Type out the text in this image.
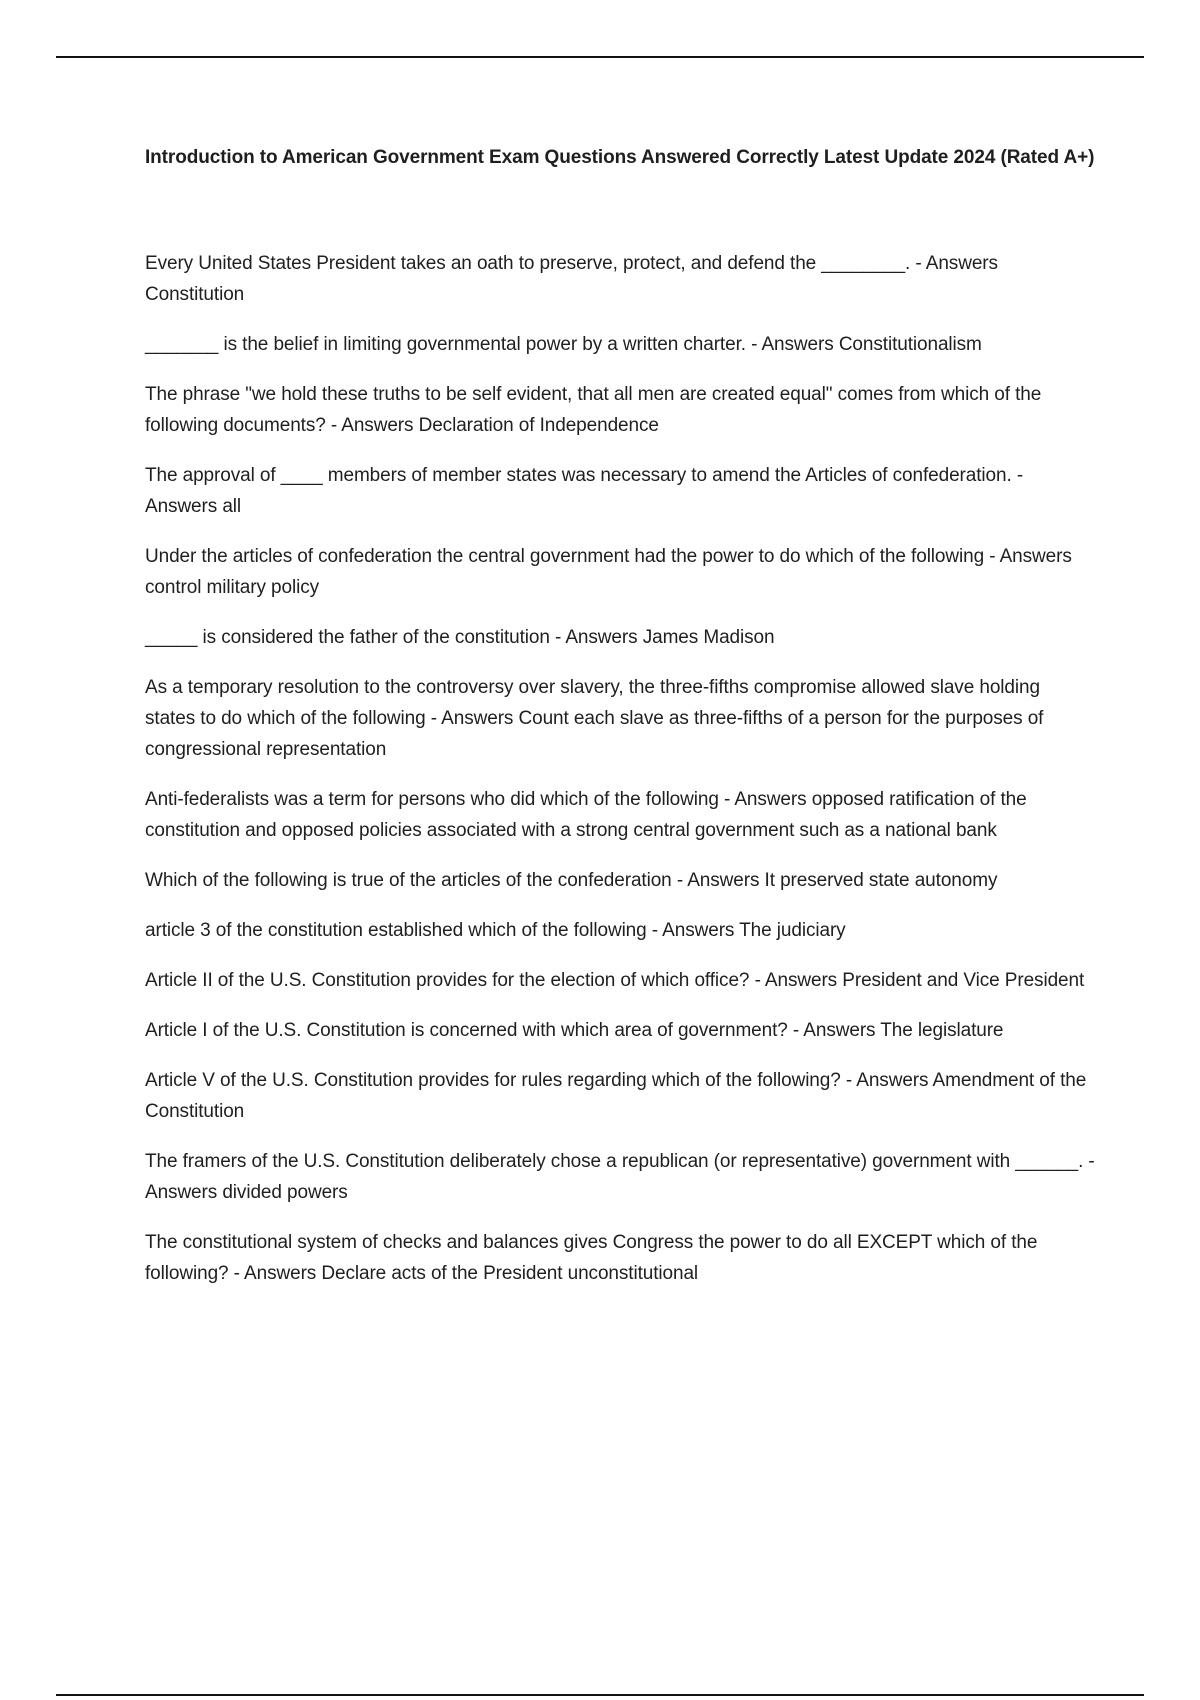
Introduction to American Government Exam Questions Answered Correctly Latest Update 2024 (Rated A+)

Every United States President takes an oath to preserve, protect, and defend the ________. - Answers Constitution

_______ is the belief in limiting governmental power by a written charter. - Answers Constitutionalism

The phrase "we hold these truths to be self evident, that all men are created equal" comes from which of the following documents? - Answers Declaration of Independence

The approval of ____ members of member states was necessary to amend the Articles of confederation. - Answers all

Under the articles of confederation the central government had the power to do which of the following - Answers control military policy

_____ is considered the father of the constitution - Answers James Madison

As a temporary resolution to the controversy over slavery, the three-fifths compromise allowed slave holding states to do which of the following - Answers Count each slave as three-fifths of a person for the purposes of congressional representation

Anti-federalists was a term for persons who did which of the following - Answers opposed ratification of the constitution and opposed policies associated with a strong central government such as a national bank

Which of the following is true of the articles of the confederation - Answers It preserved state autonomy

article 3 of the constitution established which of the following - Answers The judiciary

Article II of the U.S. Constitution provides for the election of which office? - Answers President and Vice President

Article I of the U.S. Constitution is concerned with which area of government? - Answers The legislature

Article V of the U.S. Constitution provides for rules regarding which of the following? - Answers Amendment of the Constitution

The framers of the U.S. Constitution deliberately chose a republican (or representative) government with ______. - Answers divided powers

The constitutional system of checks and balances gives Congress the power to do all EXCEPT which of the following? - Answers Declare acts of the President unconstitutional
